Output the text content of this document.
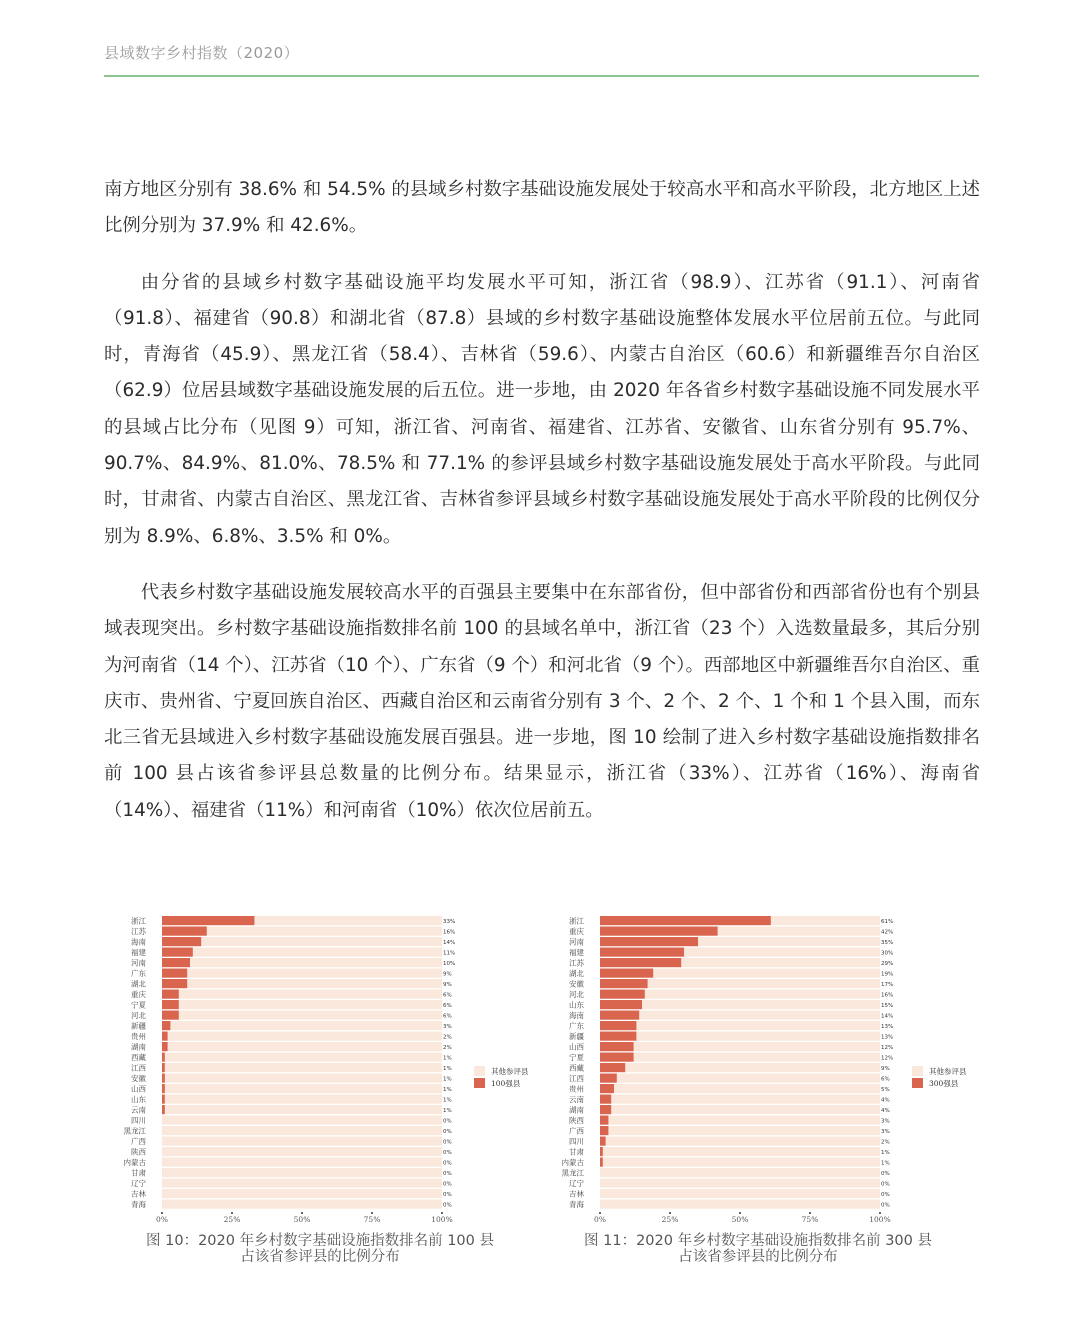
县域数字乡村指数（2020）

南方地区分别有 38.6% 和 54.5% 的县域乡村数字基础设施发展处于较高水平和高水平阶段，北方地区上述比例分别为 37.9% 和 42.6%。

由分省的县域乡村数字基础设施平均发展水平可知，浙江省（98.9）、江苏省（91.1）、河南省（91.8）、福建省（90.8）和湖北省（87.8）县域的乡村数字基础设施整体发展水平位居前五位。与此同时，青海省（45.9）、黑龙江省（58.4）、吉林省（59.6）、内蒙古自治区（60.6）和新疆维吾尔自治区（62.9）位居县域数字基础设施发展的后五位。进一步地，由 2020 年各省乡村数字基础设施不同发展水平的县域占比分布（见图 9）可知，浙江省、河南省、福建省、江苏省、安徽省、山东省分别有 95.7%、90.7%、84.9%、81.0%、78.5% 和 77.1% 的参评县域乡村数字基础设施发展处于高水平阶段。与此同时，甘肃省、内蒙古自治区、黑龙江省、吉林省参评县域乡村数字基础设施发展处于高水平阶段的比例仅分别为 8.9%、6.8%、3.5% 和 0%。

代表乡村数字基础设施发展较高水平的百强县主要集中在东部省份，但中部省份和西部省份也有个别县域表现突出。乡村数字基础设施指数排名前 100 的县域名单中，浙江省（23 个）入选数量最多，其后分别为河南省（14 个）、江苏省（10 个）、广东省（9 个）和河北省（9 个）。西部地区中新疆维吾尔自治区、重庆市、贵州省、宁夏回族自治区、西藏自治区和云南省分别有 3 个、2 个、2 个、1 个和 1 个县入围，而东北三省无县域进入乡村数字基础设施发展百强县。进一步地，图 10 绘制了进入乡村数字基础设施指数排名前 100 县占该省参评县总数量的比例分布。结果显示，浙江省（33%）、江苏省（16%）、海南省（14%）、福建省（11%）和河南省（10%）依次位居前五。

浙江	33%
江苏	16%
海南	14%
福建	11%
河南	10%
广东	9%
湖北	9%
重庆	6%
宁夏	6%
河北	6%
新疆	3%
贵州	2%
湖南	2%
西藏	1%
江西	1%
安徽	1%
山西	1%
山东	1%
云南	1%
四川	0%
黑龙江	0%
广西	0%
陕西	0%
内蒙古	0%
甘肃	0%
辽宁	0%
吉林	0%
青海	0%
0%	25%	50%	75%	100%
其他参评县
100强县
浙江	61%
重庆	42%
河南	35%
福建	30%
江苏	29%
湖北	19%
安徽	17%
河北	16%
山东	15%
海南	14%
广东	13%
新疆	13%
山西	12%
宁夏	12%
西藏	9%
江西	6%
贵州	5%
云南	4%
湖南	4%
陕西	3%
广西	3%
四川	2%
甘肃	1%
内蒙古	1%
黑龙江	0%
辽宁	0%
吉林	0%
青海	0%
0%	25%	50%	75%	100%
其他参评县
300强县
图 10：2020 年乡村数字基础设施指数排名前 100 县
占该省参评县的比例分布
图 11：2020 年乡村数字基础设施指数排名前 300 县
占该省参评县的比例分布
